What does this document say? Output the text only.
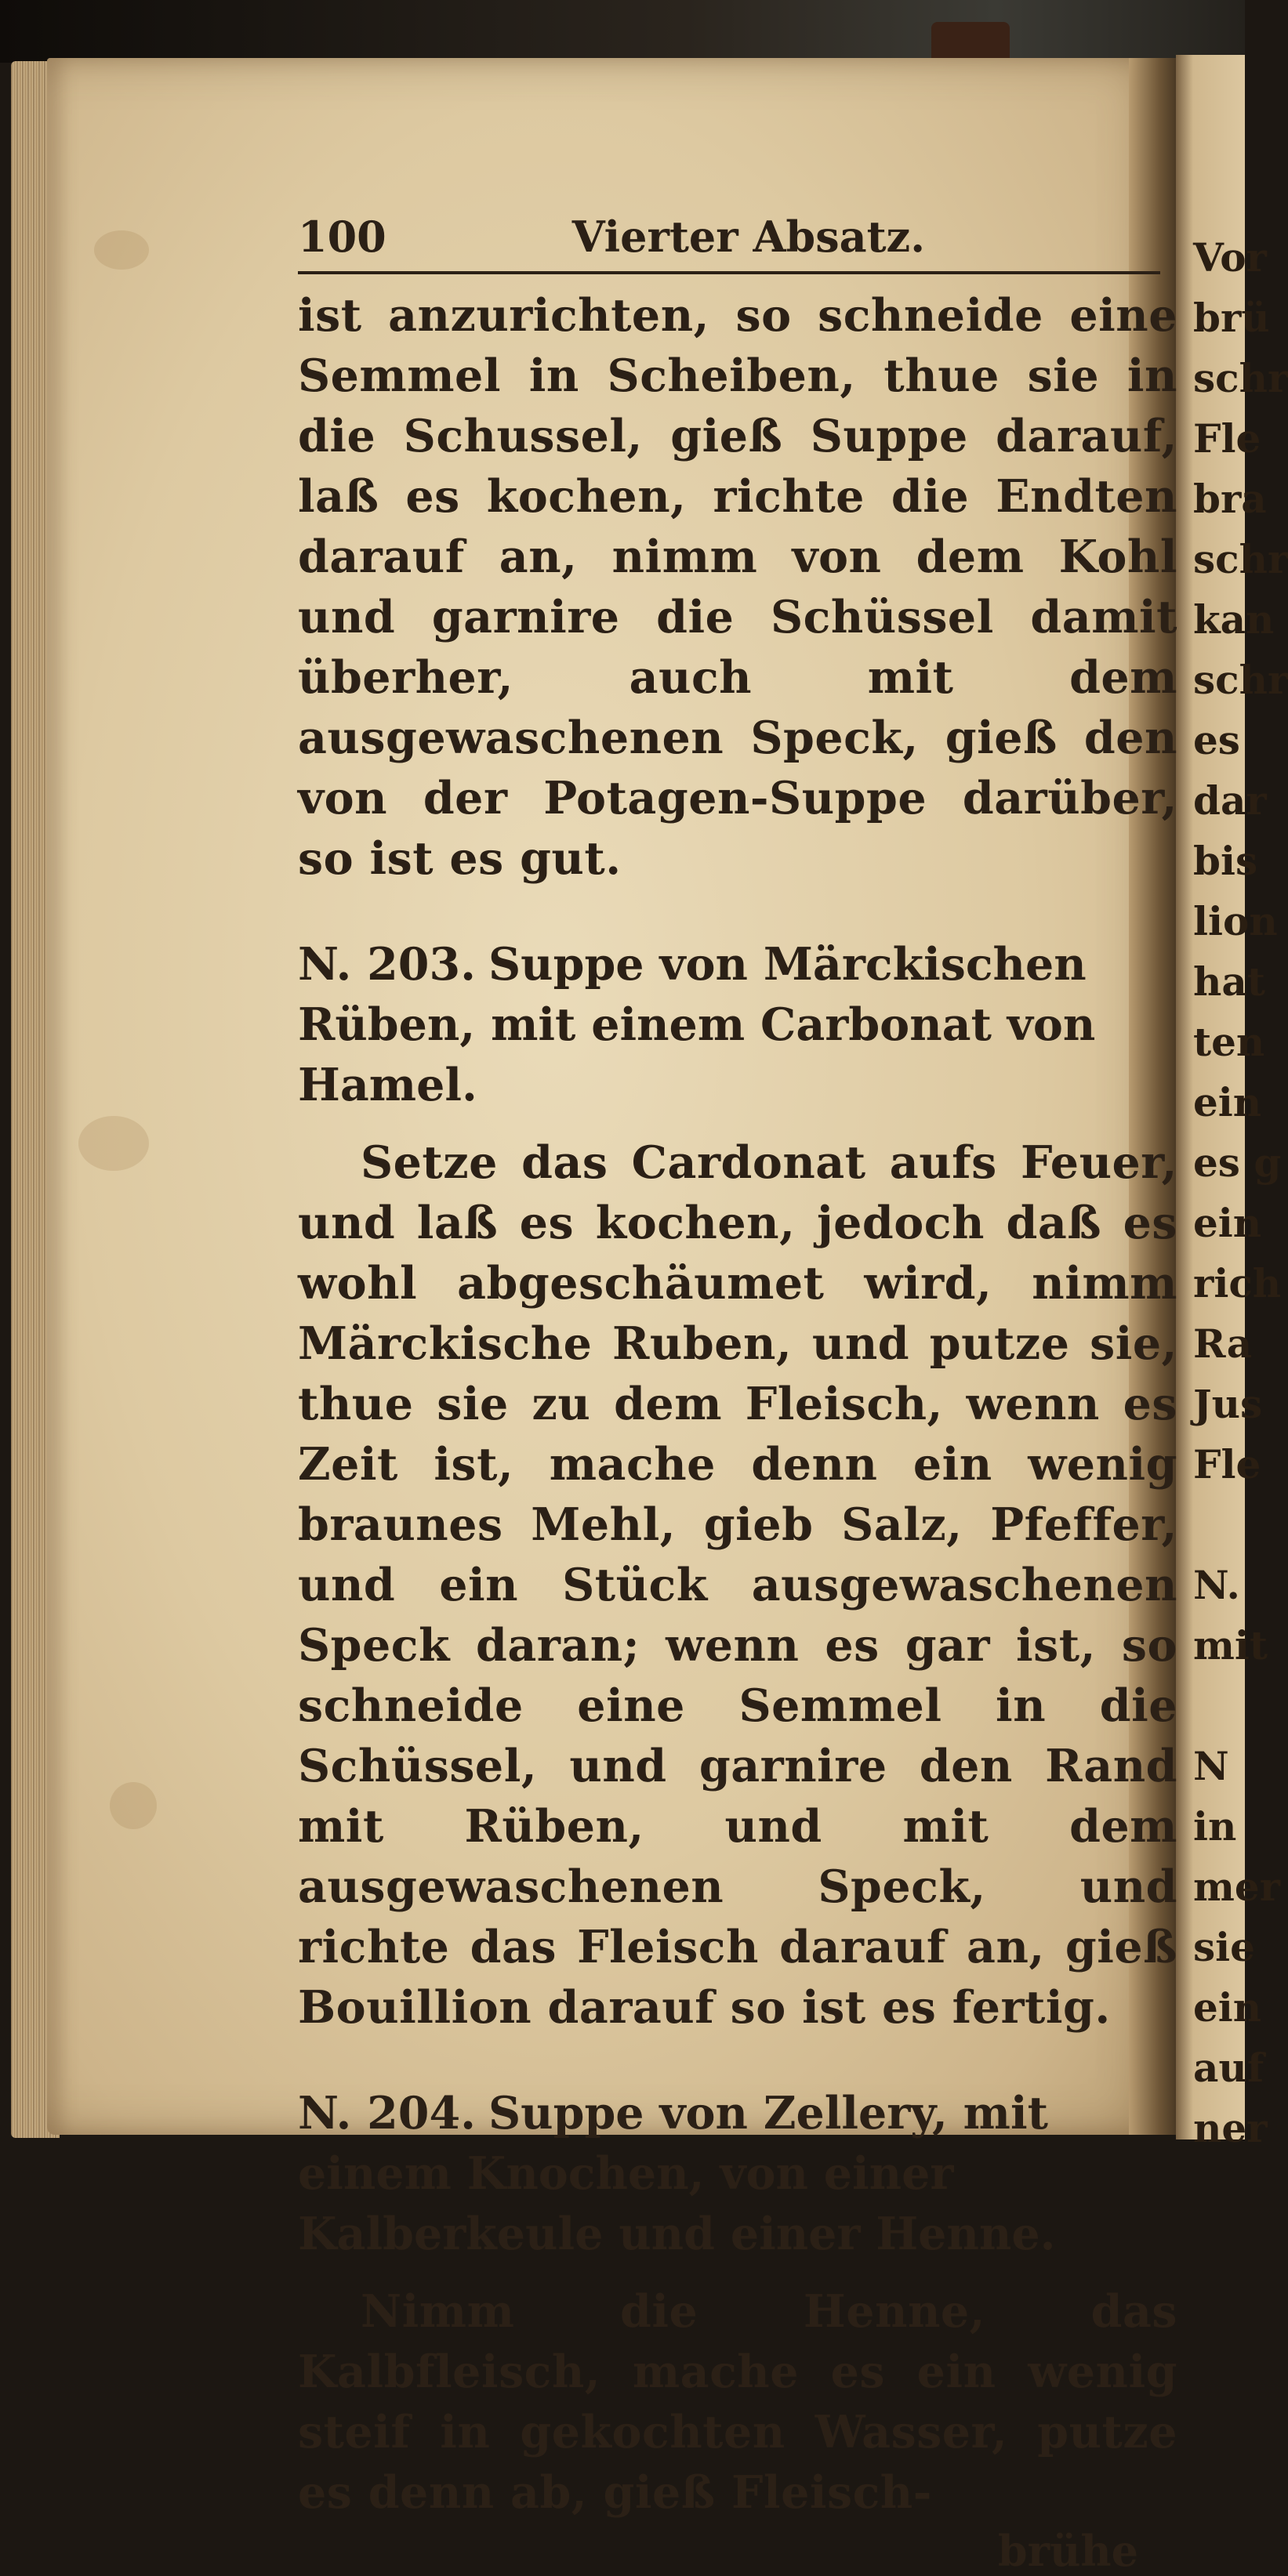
Vor
brü
schr
Fle
bra
schr
kan
schr
es
dar
bis
lion
hat
ten
ein
es g
ein
rich
Ra
Jus
Fle

N.
mit

N
in
mer
sie
ein
auf
ner
100	Vierter Absatz.

ist anzurichten, so schneide eine Semmel in Scheiben, thue sie in die Schussel, gieß Suppe darauf, laß es kochen, richte die Endten darauf an, nimm von dem Kohl und garnire die Schüssel damit überher, auch mit dem ausgewaschenen Speck, gieß den von der Potagen-Suppe darüber, so ist es gut.

N. 203. Suppe von Märckischen Rüben, mit einem Carbonat von Hamel.

Setze das Cardonat aufs Feuer, und laß es kochen, jedoch daß es wohl abgeschäumet wird, nimm Märckische Ruben, und putze sie, thue sie zu dem Fleisch, wenn es Zeit ist, mache denn ein wenig braunes Mehl, gieb Salz, Pfeffer, und ein Stück ausgewaschenen Speck daran; wenn es gar ist, so schneide eine Semmel in die Schüssel, und garnire den Rand mit Rüben, und mit dem ausgewaschenen Speck, und richte das Fleisch darauf an, gieß Bouillion darauf so ist es fertig.

N. 204. Suppe von Zellery, mit einem Knochen, von einer Kalberkeule und einer Henne.

Nimm die Henne, das Kalbfleisch, mache es ein wenig steif in gekochten Wasser, putze es denn ab, gieß Fleisch-

brühe
